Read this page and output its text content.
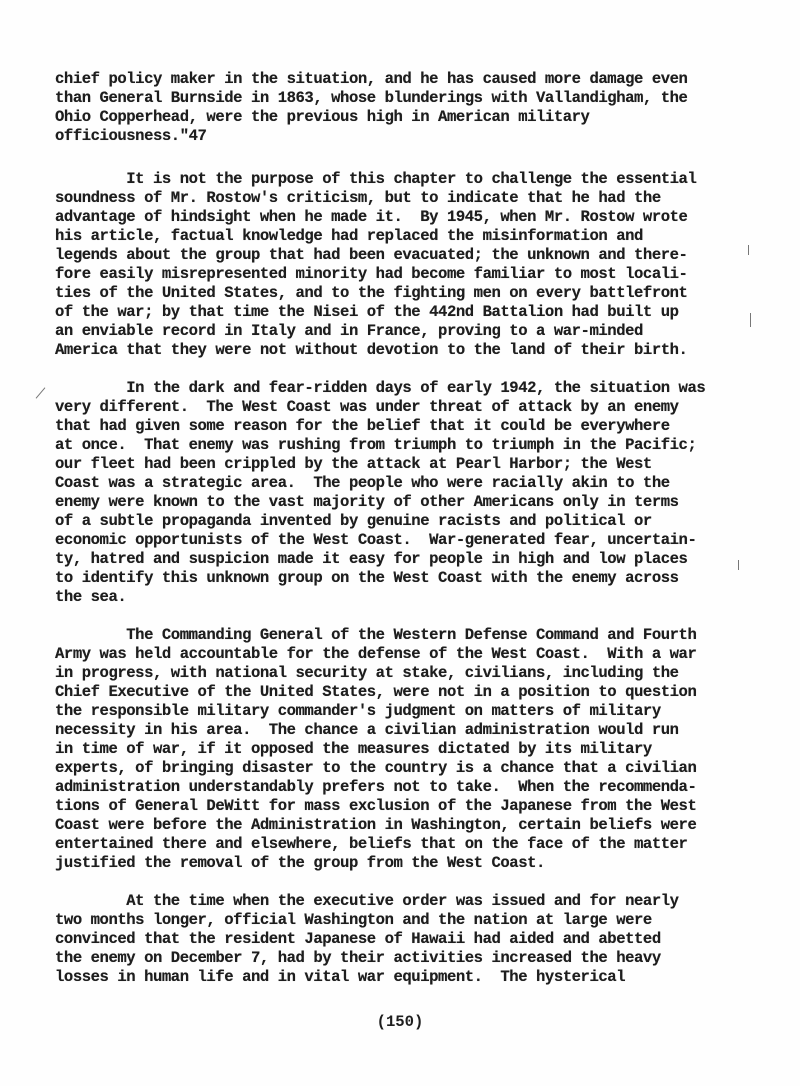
chief policy maker in the situation, and he has caused more damage even

than General Burnside in 1863, whose blunderings with Vallandigham, the

Ohio Copperhead, were the previous high in American military

officiousness."47

It is not the purpose of this chapter to challenge the essential

soundness of Mr. Rostow's criticism, but to indicate that he had the

advantage of hindsight when he made it.  By 1945, when Mr. Rostow wrote

his article, factual knowledge had replaced the misinformation and

legends about the group that had been evacuated; the unknown and there-

fore easily misrepresented minority had become familiar to most locali-

ties of the United States, and to the fighting men on every battlefront

of the war; by that time the Nisei of the 442nd Battalion had built up

an enviable record in Italy and in France, proving to a war-minded

America that they were not without devotion to the land of their birth.

In the dark and fear-ridden days of early 1942, the situation was

very different.  The West Coast was under threat of attack by an enemy

that had given some reason for the belief that it could be everywhere

at once.  That enemy was rushing from triumph to triumph in the Pacific;

our fleet had been crippled by the attack at Pearl Harbor; the West

Coast was a strategic area.  The people who were racially akin to the

enemy were known to the vast majority of other Americans only in terms

of a subtle propaganda invented by genuine racists and political or

economic opportunists of the West Coast.  War-generated fear, uncertain-

ty, hatred and suspicion made it easy for people in high and low places

to identify this unknown group on the West Coast with the enemy across

the sea.

The Commanding General of the Western Defense Command and Fourth

Army was held accountable for the defense of the West Coast.  With a war

in progress, with national security at stake, civilians, including the

Chief Executive of the United States, were not in a position to question

the responsible military commander's judgment on matters of military

necessity in his area.  The chance a civilian administration would run

in time of war, if it opposed the measures dictated by its military

experts, of bringing disaster to the country is a chance that a civilian

administration understandably prefers not to take.  When the recommenda-

tions of General DeWitt for mass exclusion of the Japanese from the West

Coast were before the Administration in Washington, certain beliefs were

entertained there and elsewhere, beliefs that on the face of the matter

justified the removal of the group from the West Coast.

At the time when the executive order was issued and for nearly

two months longer, official Washington and the nation at large were

convinced that the resident Japanese of Hawaii had aided and abetted

the enemy on December 7, had by their activities increased the heavy

losses in human life and in vital war equipment.  The hysterical

(150)
